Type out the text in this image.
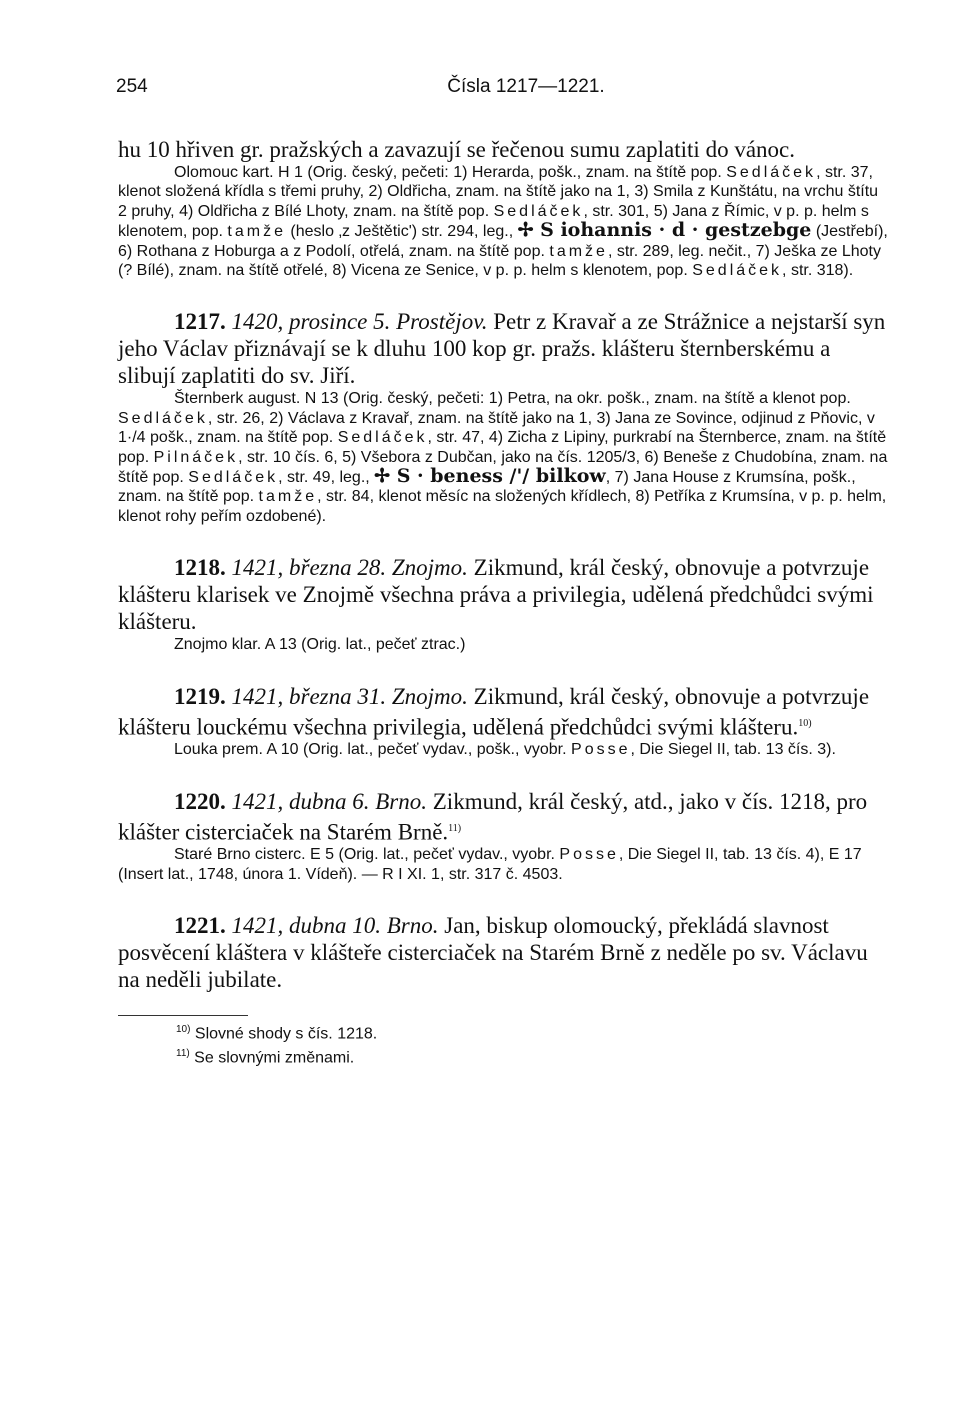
254	Čísla 1217—1221.

hu 10 hřiven gr. pražských a zavazují se řečenou sumu zaplatiti do vánoc.

Olomouc kart. H 1 (Orig. český, pečeti: 1) Herarda, pošk., znam. na štítě pop. Sedláček, str. 37, klenot složená křídla s třemi pruhy, 2) Oldřicha, znam. na štítě jako na 1, 3) Smila z Kunštátu, na vrchu štítu 2 pruhy, 4) Oldřicha z Bílé Lhoty, znam. na štítě pop. Sedláček, str. 301, 5) Jana z Římic, v p. p. helm s klenotem, pop. tamže (heslo ‚z Ještětic') str. 294, leg., ✢ S iohannis · d · gestzebge (Jestřebí), 6) Rothana z Hoburga a z Podolí, otřelá, znam. na štítě pop. tamže, str. 289, leg. nečit., 7) Ješka ze Lhoty (? Bílé), znam. na štítě otřelé, 8) Vicena ze Senice, v p. p. helm s klenotem, pop. Sedláček, str. 318).

1217. 1420, prosince 5. Prostějov. Petr z Kravař a ze Strážnice a nejstarší syn jeho Václav přiznávají se k dluhu 100 kop gr. pražs. klášteru šternberskému a slibují zaplatiti do sv. Jiří.

Šternberk august. N 13 (Orig. český, pečeti: 1) Petra, na okr. pošk., znam. na štítě a klenot pop. Sedláček, str. 26, 2) Václava z Kravař, znam. na štítě jako na 1, 3) Jana ze Sovince, odjinud z Pňovic, v 1·/4 pošk., znam. na štítě pop. Sedláček, str. 47, 4) Zicha z Lipiny, purkrabí na Šternberce, znam. na štítě pop. Pilnáček, str. 10 čís. 6, 5) Všebora z Dubčan, jako na čís. 1205/3, 6) Beneše z Chudobína, znam. na štítě pop. Sedláček, str. 49, leg., ✢ S · beness /'/ bilkow, 7) Jana House z Krumsína, pošk., znam. na štítě pop. tamže, str. 84, klenot měsíc na složených křídlech, 8) Petříka z Krumsína, v p. p. helm, klenot rohy peřím ozdobené).

1218. 1421, března 28. Znojmo. Zikmund, král český, obnovuje a potvrzuje klášteru klarisek ve Znojmě všechna práva a privilegia, udělená předchůdci svými klášteru.

Znojmo klar. A 13 (Orig. lat., pečeť ztrac.)

1219. 1421, března 31. Znojmo. Zikmund, král český, obnovuje a potvrzuje klášteru louckému všechna privilegia, udělená předchůdci svými klášteru.$^{10)}$

Louka prem. A 10 (Orig. lat., pečeť vydav., pošk., vyobr. Posse, Die Siegel II, tab. 13 čís. 3).

1220. 1421, dubna 6. Brno. Zikmund, král český, atd., jako v čís. 1218, pro klášter cisterciaček na Starém Brně.$^{11)}$

Staré Brno cisterc. E 5 (Orig. lat., pečeť vydav., vyobr. Posse, Die Siegel II, tab. 13 čís. 4), E 17 (Insert lat., 1748, února 1. Vídeň). — R I XI. 1, str. 317 č. 4503.

1221. 1421, dubna 10. Brno. Jan, biskup olomoucký, překládá slavnost posvěcení kláštera v klášteře cisterciaček na Starém Brně z neděle po sv. Václavu na neděli jubilate.

$^{10)}$ Slovné shody s čís. 1218.

$^{11)}$ Se slovnými změnami.
